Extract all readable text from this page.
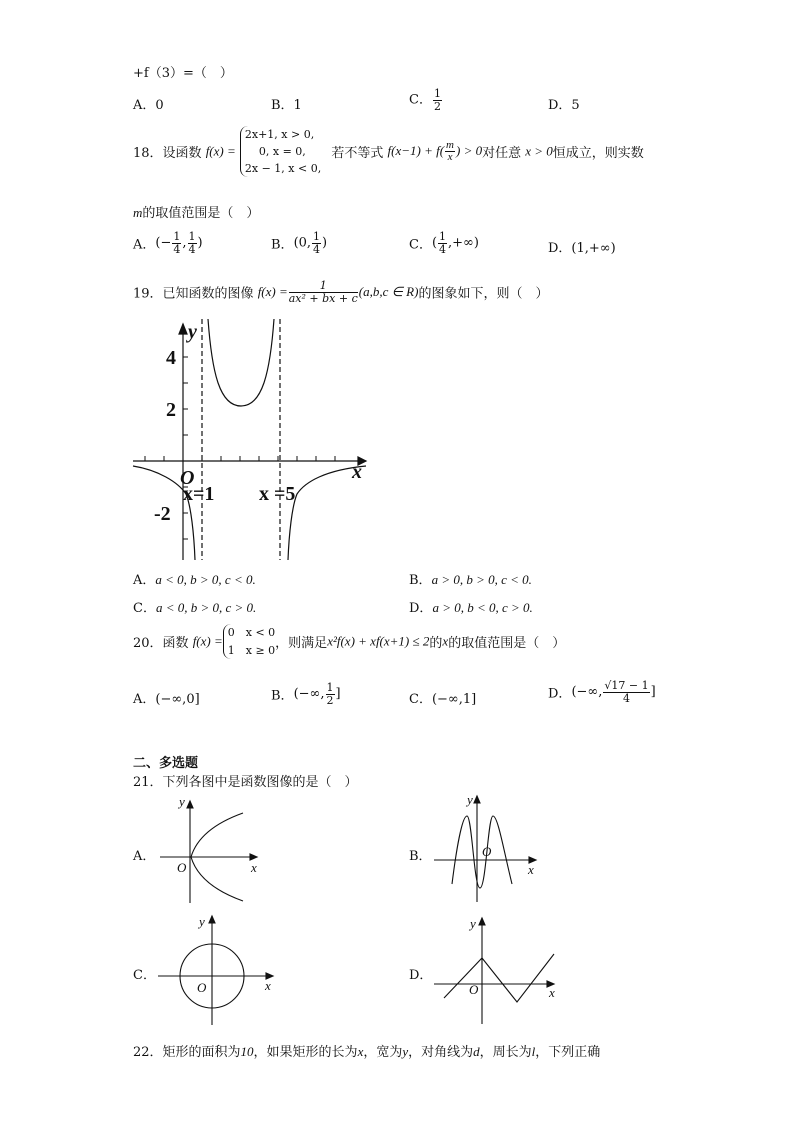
+f（3）=（　）
A．0	B．1	C． $\frac{1}{2}$	D．5
18．设函数 f(x) =
2x+1, x > 0,
0, x = 0,
2x − 1, x < 0,
若不等式 $f(x-1) + f( \frac{m}{x}$ ) > 0对任意 x > 0恒成立，则实数
m的取值范围是（　）
A．(− $\frac{1}{4}$ , $\frac{1}{4}$ )	B．(0, $\frac{1}{4}$ )	C．( $\frac{1}{4}$ ,+∞)	D．(1,+∞)
19．已知函数的图像 $f(x) = \frac{1}{\text{ax² + bx + c}} (a,b,c$ ∈ R)的图象如下，则（　）
4
2
-2
O
y
x
x=1 x =5
A．a < 0, b > 0, c < 0.	B．a > 0, b > 0, c < 0.
C．a < 0, b > 0, c > 0.	D．a > 0, b < 0, c > 0.
20．函数 f(x) =
0　x < 0
1　x ≥ 0 ，则满足x²f(x) + xf(x+1) ≤ 2的x的取值范围是（　）
A．(−∞,0]	B．(−∞, $\frac{1}{2}$ ]	C．(−∞,1]	D．(−∞, $\frac{√17 - 1}{4}$ ]
二、多选题
21．下列各图中是函数图像的是（　）
A．
y
x
O
B．
y
x
O
C．
y
x
O
D．
y
x
O
22．矩形的面积为10，如果矩形的长为x，宽为y，对角线为d，周长为l，下列正确
